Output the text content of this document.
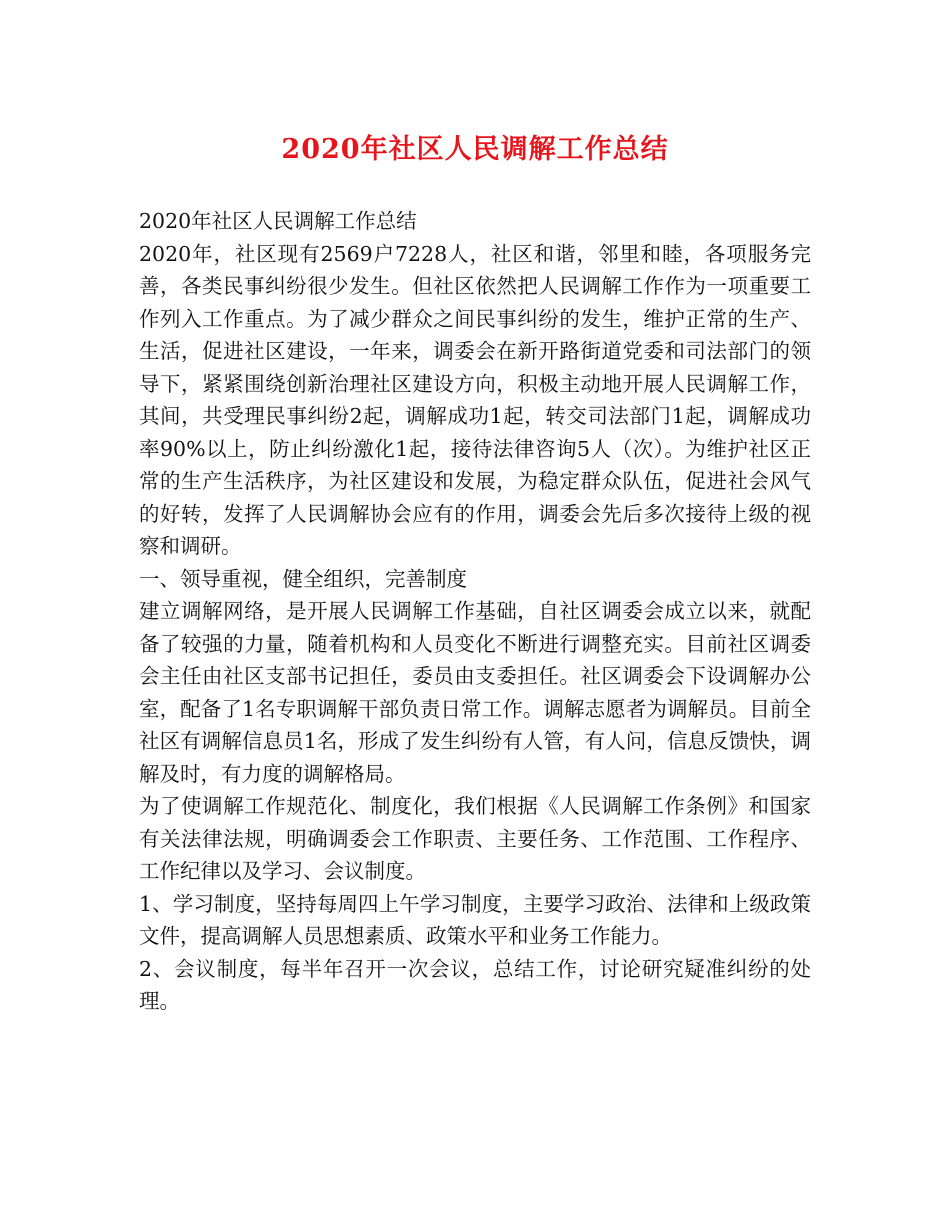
2020年社区人民调解工作总结

2020年社区人民调解工作总结

2020年，社区现有2569户7228人，社区和谐，邻里和睦，各项服务完善，各类民事纠纷很少发生。但社区依然把人民调解工作作为一项重要工作列入工作重点。为了减少群众之间民事纠纷的发生，维护正常的生产、生活，促进社区建设，一年来，调委会在新开路街道党委和司法部门的领导下，紧紧围绕创新治理社区建设方向，积极主动地开展人民调解工作，其间，共受理民事纠纷2起，调解成功1起，转交司法部门1起，调解成功率90%以上，防止纠纷激化1起，接待法律咨询5人（次）。为维护社区正常的生产生活秩序，为社区建设和发展，为稳定群众队伍，促进社会风气的好转，发挥了人民调解协会应有的作用，调委会先后多次接待上级的视察和调研。

一、领导重视，健全组织，完善制度

建立调解网络，是开展人民调解工作基础，自社区调委会成立以来，就配备了较强的力量，随着机构和人员变化不断进行调整充实。目前社区调委会主任由社区支部书记担任，委员由支委担任。社区调委会下设调解办公室，配备了1名专职调解干部负责日常工作。调解志愿者为调解员。目前全社区有调解信息员1名，形成了发生纠纷有人管，有人问，信息反馈快，调解及时，有力度的调解格局。

为了使调解工作规范化、制度化，我们根据《人民调解工作条例》和国家有关法律法规，明确调委会工作职责、主要任务、工作范围、工作程序、工作纪律以及学习、会议制度。

1、学习制度，坚持每周四上午学习制度，主要学习政治、法律和上级政策文件，提高调解人员思想素质、政策水平和业务工作能力。

2、会议制度，每半年召开一次会议，总结工作，讨论研究疑准纠纷的处理。
